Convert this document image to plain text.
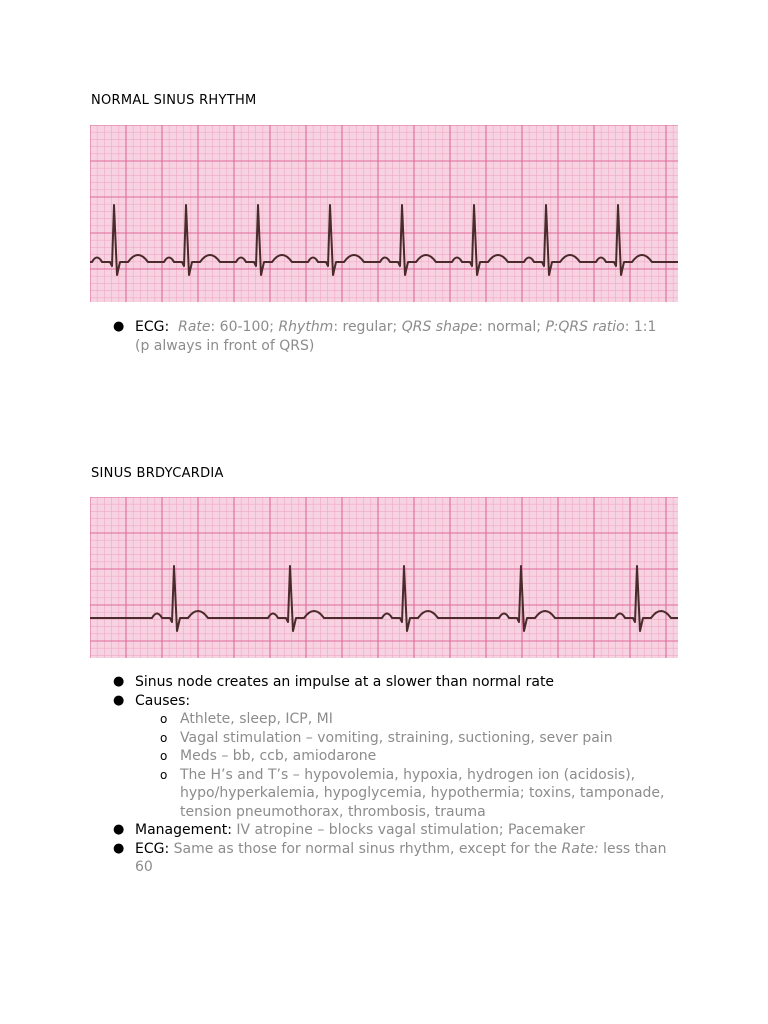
NORMAL SINUS RHYTHM
● ECG: Rate: 60-100; Rhythm: regular; QRS shape: normal; P:QRS ratio: 1:1
(p always in front of QRS)
SINUS BRDYCARDIA
● Sinus node creates an impulse at a slower than normal rate
● Causes:
o Athlete, sleep, ICP, MI
o Vagal stimulation – vomiting, straining, suctioning, sever pain
o Meds – bb, ccb, amiodarone
o The H’s and T’s – hypovolemia, hypoxia, hydrogen ion (acidosis), hypo/hyperkalemia, hypoglycemia, hypothermia; toxins, tamponade, tension pneumothorax, thrombosis, trauma
● Management: IV atropine – blocks vagal stimulation; Pacemaker
● ECG: Same as those for normal sinus rhythm, except for the Rate: less than 60
